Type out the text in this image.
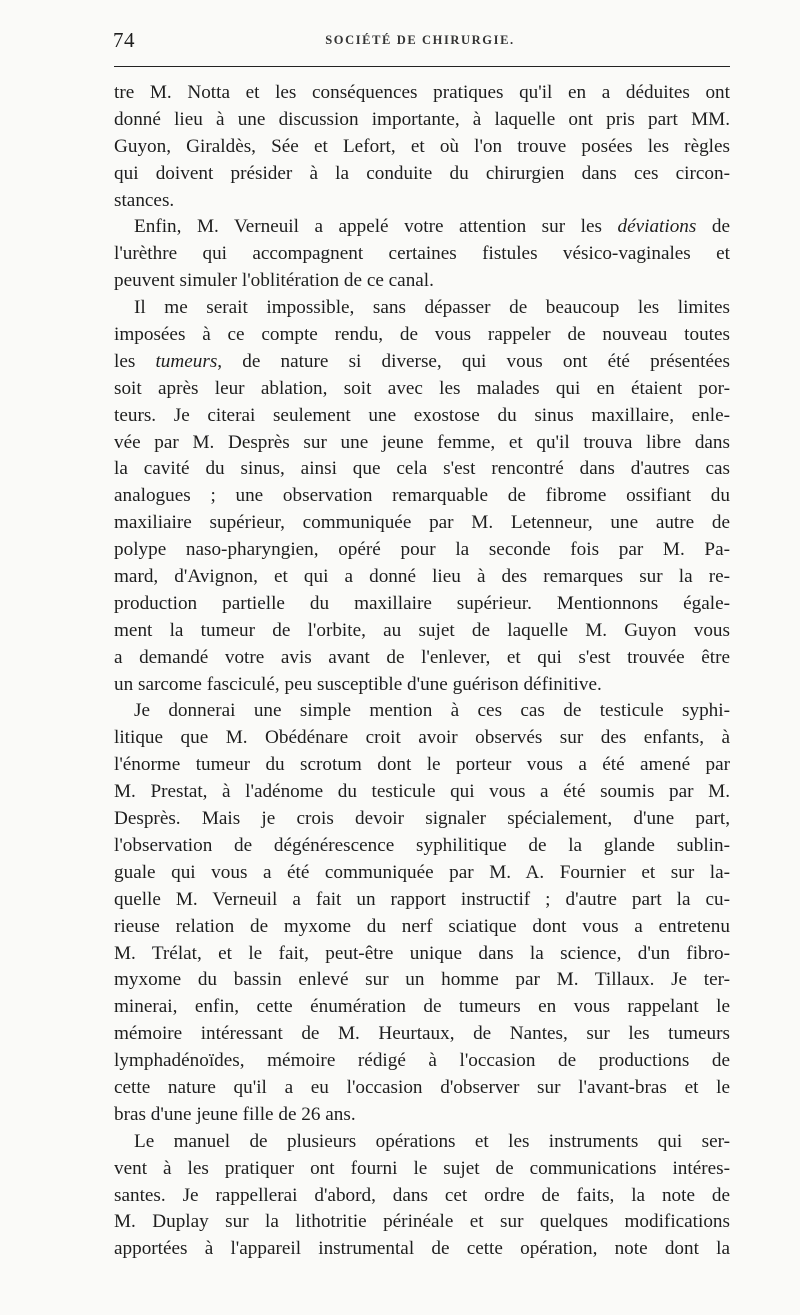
74	SOCIÉTÉ DE CHIRURGIE.
tre M. Notta et les conséquences pratiques qu'il en a déduites ont
donné lieu à une discussion importante, à laquelle ont pris part MM.
Guyon, Giraldès, Sée et Lefort, et où l'on trouve posées les règles
qui doivent présider à la conduite du chirurgien dans ces circon-
stances.
Enfin, M. Verneuil a appelé votre attention sur les déviations de
l'urèthre qui accompagnent certaines fistules vésico-vaginales et
peuvent simuler l'oblitération de ce canal.
Il me serait impossible, sans dépasser de beaucoup les limites
imposées à ce compte rendu, de vous rappeler de nouveau toutes
les tumeurs, de nature si diverse, qui vous ont été présentées
soit après leur ablation, soit avec les malades qui en étaient por-
teurs. Je citerai seulement une exostose du sinus maxillaire, enle-
vée par M. Desprès sur une jeune femme, et qu'il trouva libre dans
la cavité du sinus, ainsi que cela s'est rencontré dans d'autres cas
analogues ; une observation remarquable de fibrome ossifiant du
maxiliaire supérieur, communiquée par M. Letenneur, une autre de
polype naso-pharyngien, opéré pour la seconde fois par M. Pa-
mard, d'Avignon, et qui a donné lieu à des remarques sur la re-
production partielle du maxillaire supérieur. Mentionnons égale-
ment la tumeur de l'orbite, au sujet de laquelle M. Guyon vous
a demandé votre avis avant de l'enlever, et qui s'est trouvée être
un sarcome fasciculé, peu susceptible d'une guérison définitive.
Je donnerai une simple mention à ces cas de testicule syphi-
litique que M. Obédénare croit avoir observés sur des enfants, à
l'énorme tumeur du scrotum dont le porteur vous a été amené par
M. Prestat, à l'adénome du testicule qui vous a été soumis par M.
Desprès. Mais je crois devoir signaler spécialement, d'une part,
l'observation de dégénérescence syphilitique de la glande sublin-
guale qui vous a été communiquée par M. A. Fournier et sur la-
quelle M. Verneuil a fait un rapport instructif ; d'autre part la cu-
rieuse relation de myxome du nerf sciatique dont vous a entretenu
M. Trélat, et le fait, peut-être unique dans la science, d'un fibro-
myxome du bassin enlevé sur un homme par M. Tillaux. Je ter-
minerai, enfin, cette énumération de tumeurs en vous rappelant le
mémoire intéressant de M. Heurtaux, de Nantes, sur les tumeurs
lymphadénoïdes, mémoire rédigé à l'occasion de productions de
cette nature qu'il a eu l'occasion d'observer sur l'avant-bras et le
bras d'une jeune fille de 26 ans.
Le manuel de plusieurs opérations et les instruments qui ser-
vent à les pratiquer ont fourni le sujet de communications intéres-
santes. Je rappellerai d'abord, dans cet ordre de faits, la note de
M. Duplay sur la lithotritie périnéale et sur quelques modifications
apportées à l'appareil instrumental de cette opération, note dont la
